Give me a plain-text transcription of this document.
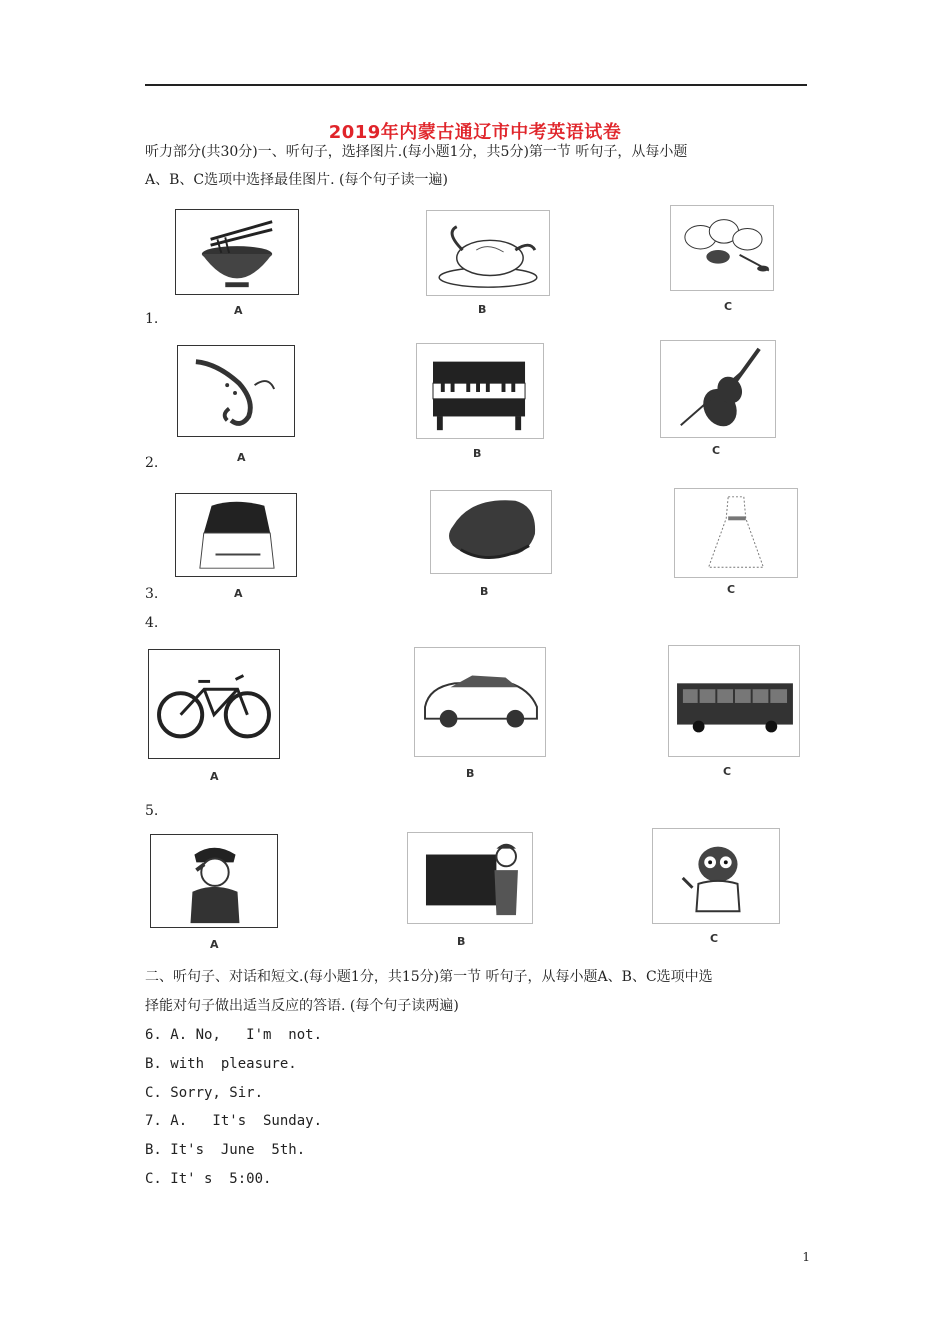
2019年内蒙古通辽市中考英语试卷
听力部分(共30分)一、听句子，选择图片.(每小题1分，共5分)第一节 听句子，从每小题
A、B、C选项中选择最佳图片. (每个句子读一遍)
A	B	C
1.
A	B	C
2.
A	B	C
3.
4.
A	B	C
5.
A	B	C
二、听句子、对话和短文.(每小题1分，共15分)第一节 听句子，从每小题A、B、C选项中选
择能对句子做出适当反应的答语. (每个句子读两遍)
6. A. No,   I'm  not.
B. with  pleasure.
C. Sorry, Sir.
7. A.   It's  Sunday.
B. It's  June  5th.
C. It' s  5:00.
1
